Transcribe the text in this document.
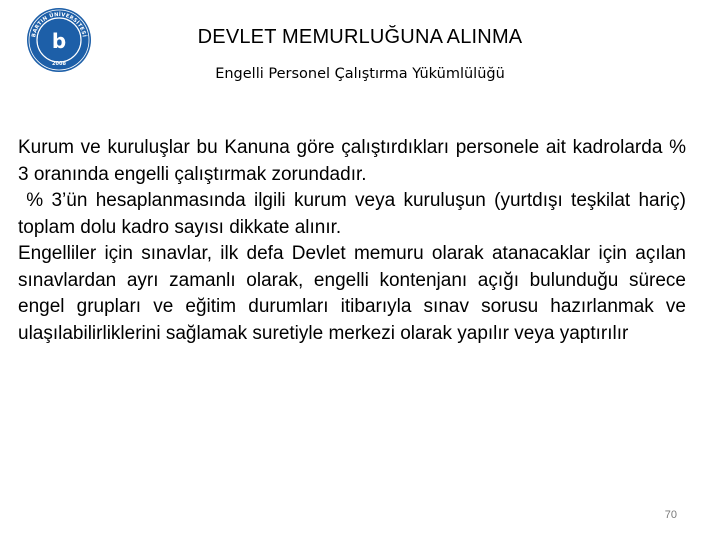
BARTIN ÜNİVERSİTESİ
b
2008
DEVLET MEMURLUĞUNA ALINMA
Engelli Personel Çalıştırma Yükümlülüğü

Kurum ve kuruluşlar bu Kanuna göre çalıştırdıkları personele ait kadrolarda % 3 oranında engelli çalıştırmak zorundadır.

% 3’ün hesaplanmasında ilgili kurum veya kuruluşun (yurtdışı teşkilat hariç) toplam dolu kadro sayısı dikkate alınır.

Engelliler için sınavlar, ilk defa Devlet memuru olarak atanacaklar için açılan sınavlardan ayrı zamanlı olarak, engelli kontenjanı açığı bulunduğu sürece engel grupları ve eğitim durumları itibarıyla sınav sorusu hazırlanmak ve ulaşılabilirliklerini sağlamak suretiyle merkezi olarak yapılır veya yaptırılır

70
